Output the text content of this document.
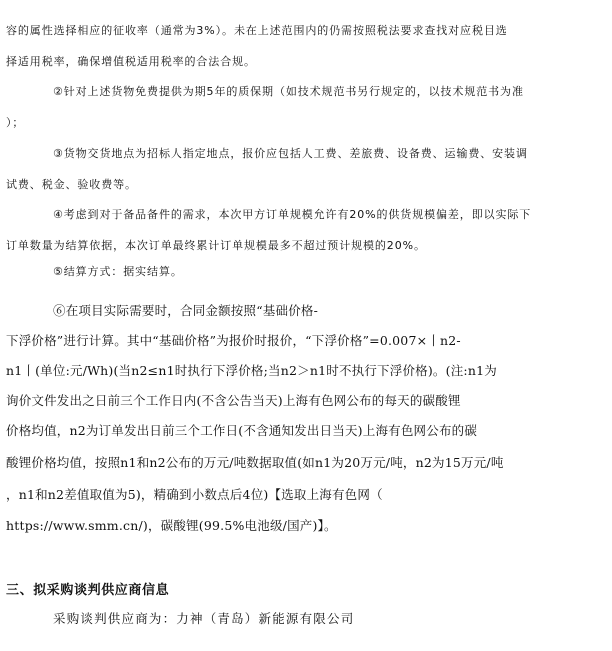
容的属性选择相应的征收率（通常为3%）。未在上述范围内的仍需按照税法要求查找对应税目选

择适用税率，确保增值税适用税率的合法合规。

②针对上述货物免费提供为期5年的质保期（如技术规范书另行规定的，以技术规范书为准

）；

③货物交货地点为招标人指定地点，报价应包括人工费、差旅费、设备费、运输费、安装调

试费、税金、验收费等。

④考虑到对于备品备件的需求，本次甲方订单规模允许有20%的供货规模偏差，即以实际下

订单数量为结算依据，本次订单最终累计订单规模最多不超过预计规模的20%。

⑤结算方式：据实结算。

⑥在项目实际需要时，合同金额按照“基础价格-

下浮价格”进行计算。其中“基础价格”为报价时报价，“下浮价格”=0.007×丨n2-

n1丨(单位:元/Wh)(当n2≤n1时执行下浮价格;当n2＞n1时不执行下浮价格)。(注:n1为

询价文件发出之日前三个工作日内(不含公告当天)上海有色网公布的每天的碳酸锂

价格均值，n2为订单发出日前三个工作日(不含通知发出日当天)上海有色网公布的碳

酸锂价格均值，按照n1和n2公布的万元/吨数据取值(如n1为20万元/吨，n2为15万元/吨

，n1和n2差值取值为5)，精确到小数点后4位)【选取上海有色网（

https://www.smm.cn/)，碳酸锂(99.5%电池级/国产)】。

三、拟采购谈判供应商信息

采购谈判供应商为：力神（青岛）新能源有限公司
